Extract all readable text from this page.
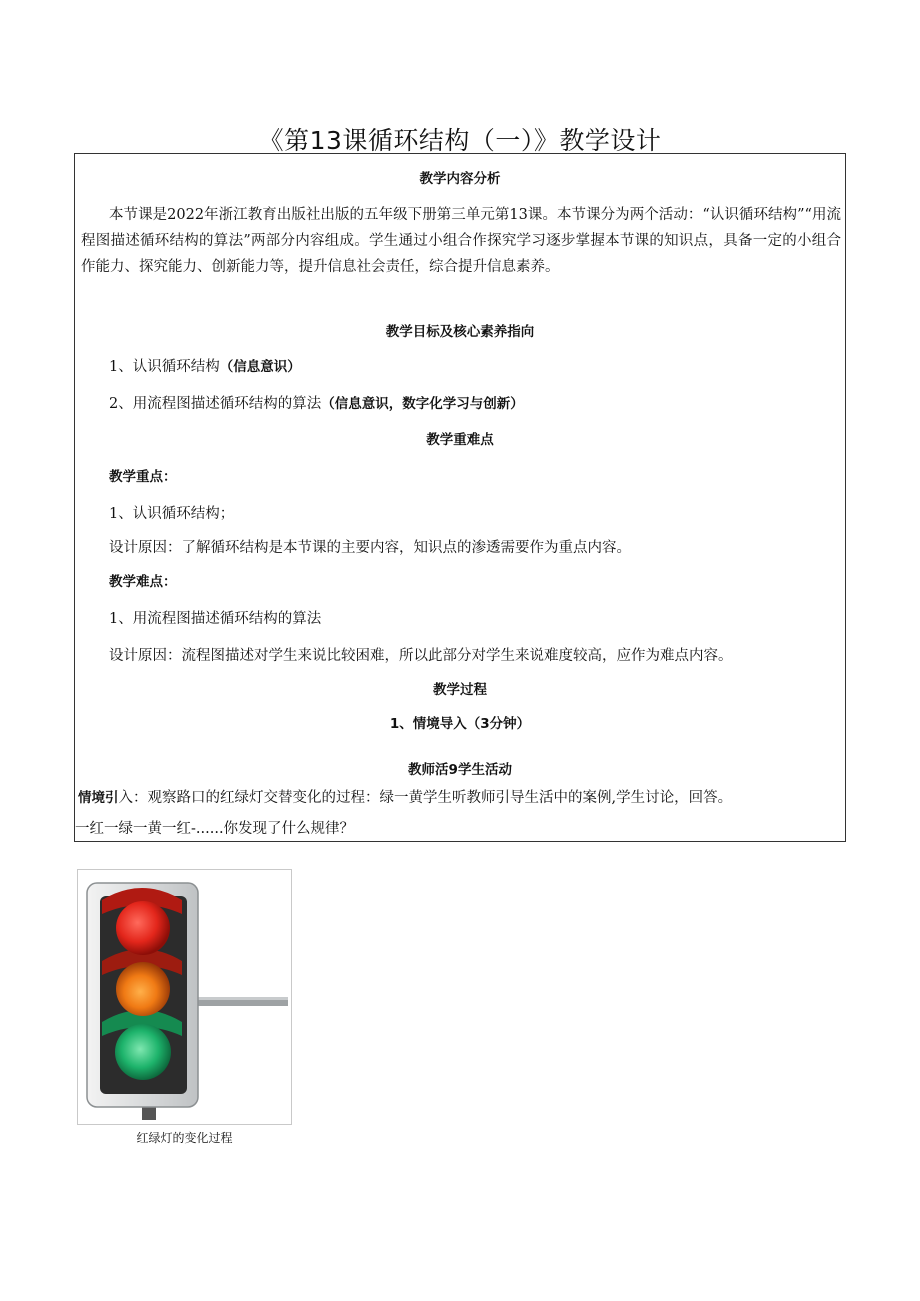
《第13课循环结构（一）》教学设计
教学内容分析
本节课是2022年浙江教育出版社出版的五年级下册第三单元第13课。本节课分为两个活动：“认识循环结构”“用流程图描述循环结构的算法”两部分内容组成。学生通过小组合作探究学习逐步掌握本节课的知识点，具备一定的小组合作能力、探究能力、创新能力等，提升信息社会责任，综合提升信息素养。
教学目标及核心素养指向
1、认识循环结构（信息意识）
2、用流程图描述循环结构的算法（信息意识，数字化学习与创新）
教学重难点
教学重点：
1、认识循环结构；
设计原因：了解循环结构是本节课的主要内容，知识点的渗透需要作为重点内容。
教学难点：
1、用流程图描述循环结构的算法
设计原因：流程图描述对学生来说比较困难，所以此部分对学生来说难度较高，应作为难点内容。
教学过程
1、情境导入（3分钟）
教师活9学生活动
情境引入：观察路口的红绿灯交替变化的过程：绿一黄学生听教师引导生活中的案例,学生讨论，回答。
一红一绿一黄一红-......你发现了什么规律？
红绿灯的变化过程
